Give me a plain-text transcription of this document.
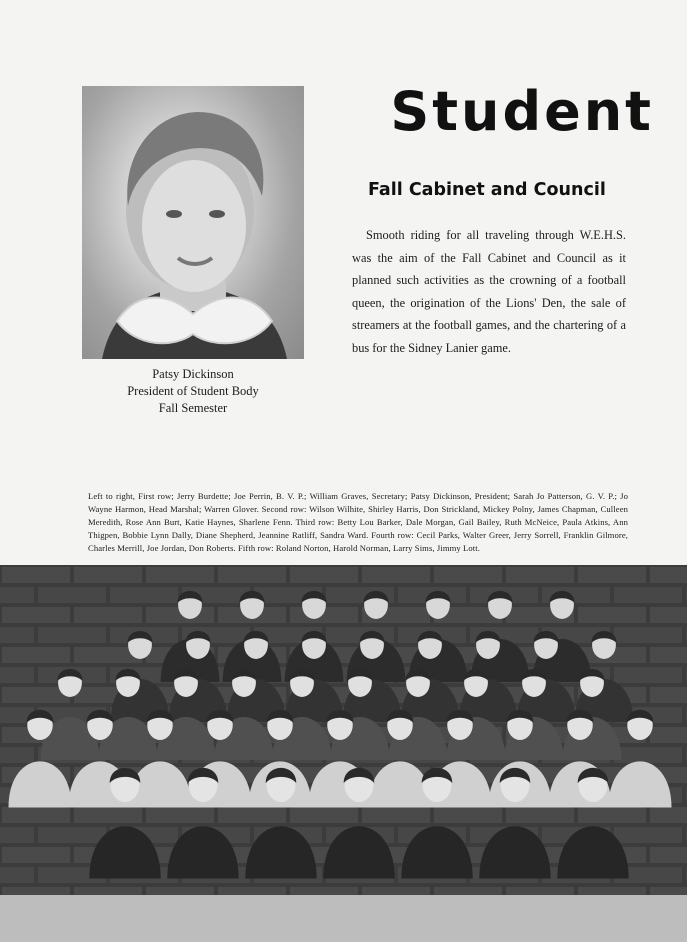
Patsy Dickinson
President of Student Body
Fall Semester
Student
Fall Cabinet and Council

Smooth riding for all traveling through W.E.H.S. was the aim of the Fall Cabinet and Council as it planned such activities as the crowning of a football queen, the origination of the Lions' Den, the sale of streamers at the football games, and the chartering of a bus for the Sidney Lanier game.

Left to right, First row; Jerry Burdette; Joe Perrin, B. V. P.; William Graves, Secretary; Patsy Dickinson, President; Sarah Jo Patterson, G. V. P.; Jo Wayne Harmon, Head Marshal; Warren Glover. Second row: Wilson Wilhite, Shirley Harris, Don Strickland, Mickey Polny, James Chapman, Culleen Meredith, Rose Ann Burt, Katie Haynes, Sharlene Fenn. Third row: Betty Lou Barker, Dale Morgan, Gail Bailey, Ruth McNeice, Paula Atkins, Ann Thigpen, Bobbie Lynn Dally, Diane Shepherd, Jeannine Ratliff, Sandra Ward. Fourth row: Cecil Parks, Walter Greer, Jerry Sorrell, Franklin Gilmore, Charles Merrill, Joe Jordan, Don Roberts. Fifth row: Roland Norton, Harold Norman, Larry Sims, Jimmy Lott.
